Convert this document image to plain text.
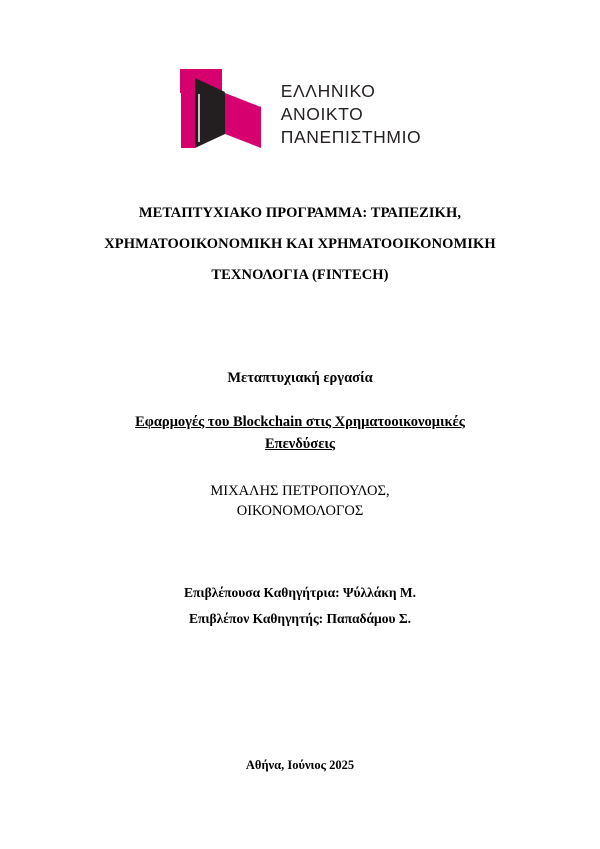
ΕΛΛΗΝΙΚΟ
ΑΝΟΙΚΤΟ
ΠΑΝΕΠΙΣΤΗΜΙΟ
ΜΕΤΑΠΤΥΧΙΑΚΟ ΠΡΟΓΡΑΜΜΑ: ΤΡΑΠΕΖΙΚΗ,
ΧΡΗΜΑΤΟΟΙΚΟΝΟΜΙΚΗ ΚΑΙ ΧΡΗΜΑΤΟΟΙΚΟΝΟΜΙΚΗ
ΤΕΧΝΟΛΟΓΙΑ (FINTECH)
Μεταπτυχιακή εργασία
Εφαρμογές του Blockchain στις Χρηματοοικονομικές
Επενδύσεις
ΜΙΧΑΛΗΣ ΠΕΤΡΟΠΟΥΛΟΣ,
ΟΙΚΟΝΟΜΟΛΟΓΟΣ
Επιβλέπουσα Καθηγήτρια: Ψύλλάκη Μ.
Επιβλέπον Καθηγητής: Παπαδάμου Σ.
Αθήνα, Ιούνιος 2025
